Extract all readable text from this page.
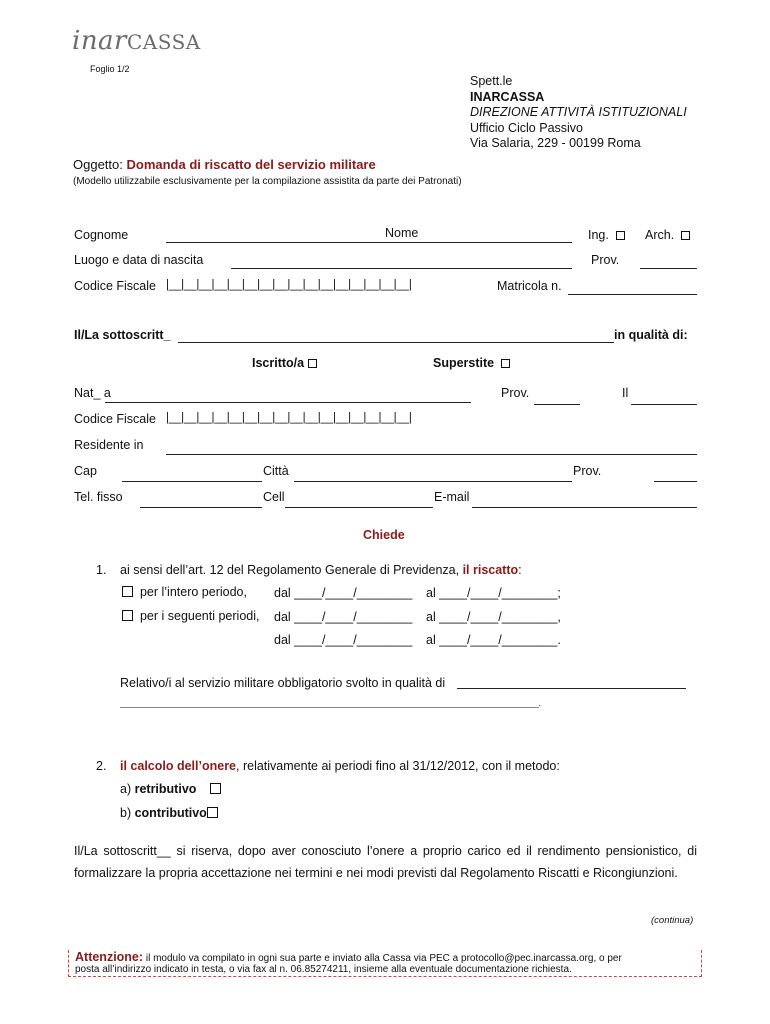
inarCASSA
Foglio 1/2
Spett.le
INARCASSA
DIREZIONE ATTIVITÀ ISTITUZIONALI
Ufficio Ciclo Passivo
Via Salaria, 229 - 00199 Roma
Oggetto: Domanda di riscatto del servizio militare
(Modello utilizzabile esclusivamente per la compilazione assistita da parte dei Patronati)
Cognome	Nome	Ing.	Arch.
Luogo e data di nascita	Prov.
Codice Fiscale |__|__|__|__|__|__|__|__|__|__|__|__|__|__|__|__|	Matricola n.
Il/La sottoscritt_	in qualità di:
Iscritto/a	Superstite
Nat_ a	Prov.	Il
Codice Fiscale |__|__|__|__|__|__|__|__|__|__|__|__|__|__|__|__|
Residente in
Cap	Città	Prov.
Tel. fisso	Cell	E-mail
Chiede
1. ai sensi dell’art. 12 del Regolamento Generale di Previdenza, il riscatto:
per l’intero periodo, dal ____/____/________ al ____/____/________;
per i seguenti periodi, dal ____/____/________ al ____/____/________,
dal ____/____/________ al ____/____/________.
Relativo/i al servizio militare obbligatorio svolto in qualità di
________________________________________________________________________________________.
2. il calcolo dell’onere, relativamente ai periodi fino al 31/12/2012, con il metodo:
a) retributivo
b) contributivo
Il/La sottoscritt__ si riserva, dopo aver conosciuto l’onere a proprio carico ed il rendimento pensionistico, di formalizzare la propria accettazione nei termini e nei modi previsti dal Regolamento Riscatti e Ricongiunzioni.
(continua)
Attenzione: il modulo va compilato in ogni sua parte e inviato alla Cassa via PEC a protocollo@pec.inarcassa.org, o per
posta all’indirizzo indicato in testa, o via fax al n. 06.85274211, insieme alla eventuale documentazione richiesta.
